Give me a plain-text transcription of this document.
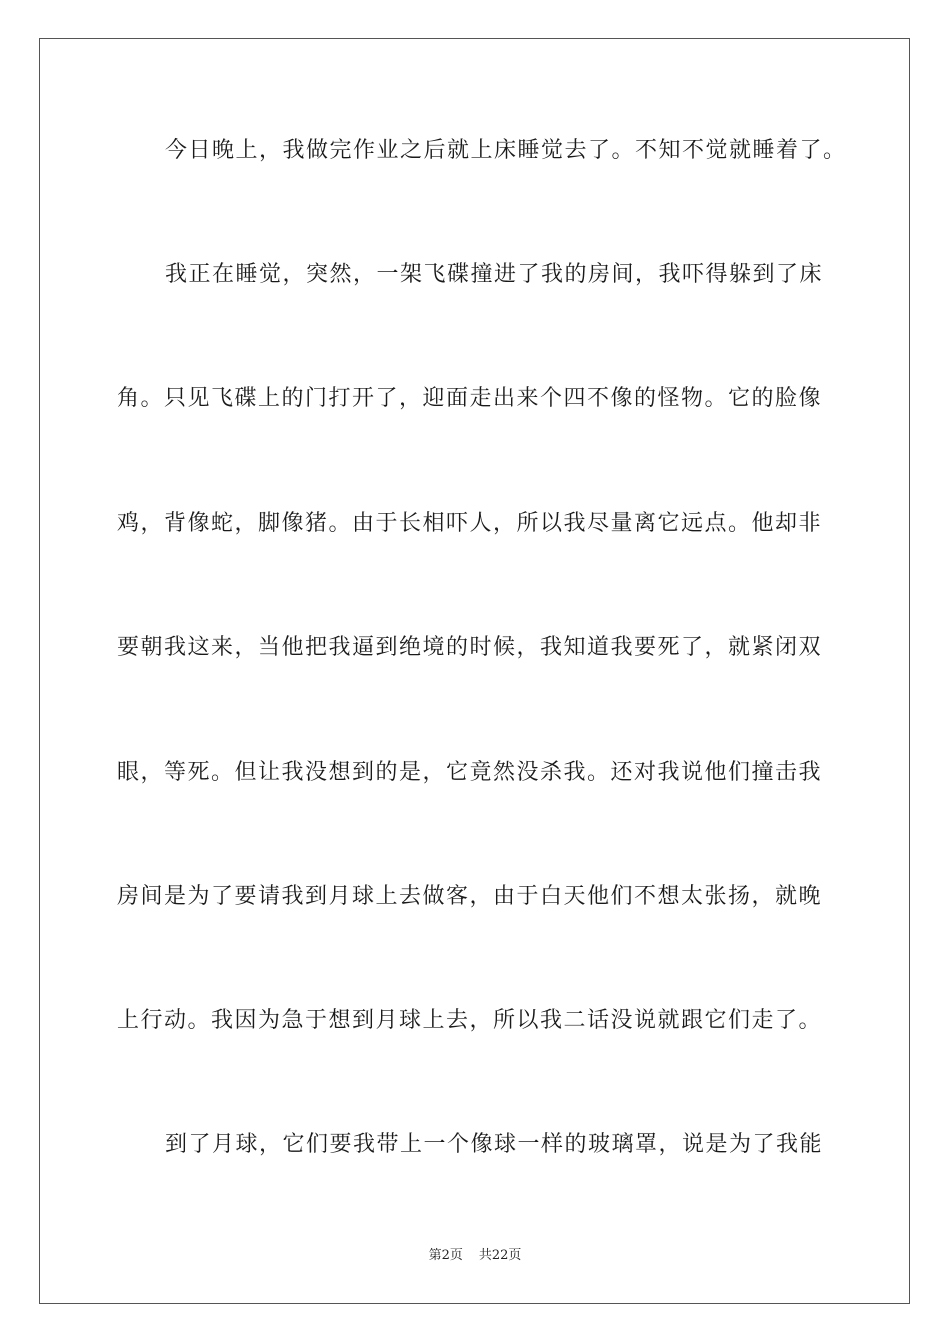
今日晚上，我做完作业之后就上床睡觉去了。不知不觉就睡着了。
我正在睡觉，突然，一架飞碟撞进了我的房间，我吓得躲到了床
角。只见飞碟上的门打开了，迎面走出来个四不像的怪物。它的脸像
鸡，背像蛇，脚像猪。由于长相吓人，所以我尽量离它远点。他却非
要朝我这来，当他把我逼到绝境的时候，我知道我要死了，就紧闭双
眼，等死。但让我没想到的是，它竟然没杀我。还对我说他们撞击我
房间是为了要请我到月球上去做客，由于白天他们不想太张扬，就晚
上行动。我因为急于想到月球上去，所以我二话没说就跟它们走了。
到了月球，它们要我带上一个像球一样的玻璃罩，说是为了我能
第2页 共22页
